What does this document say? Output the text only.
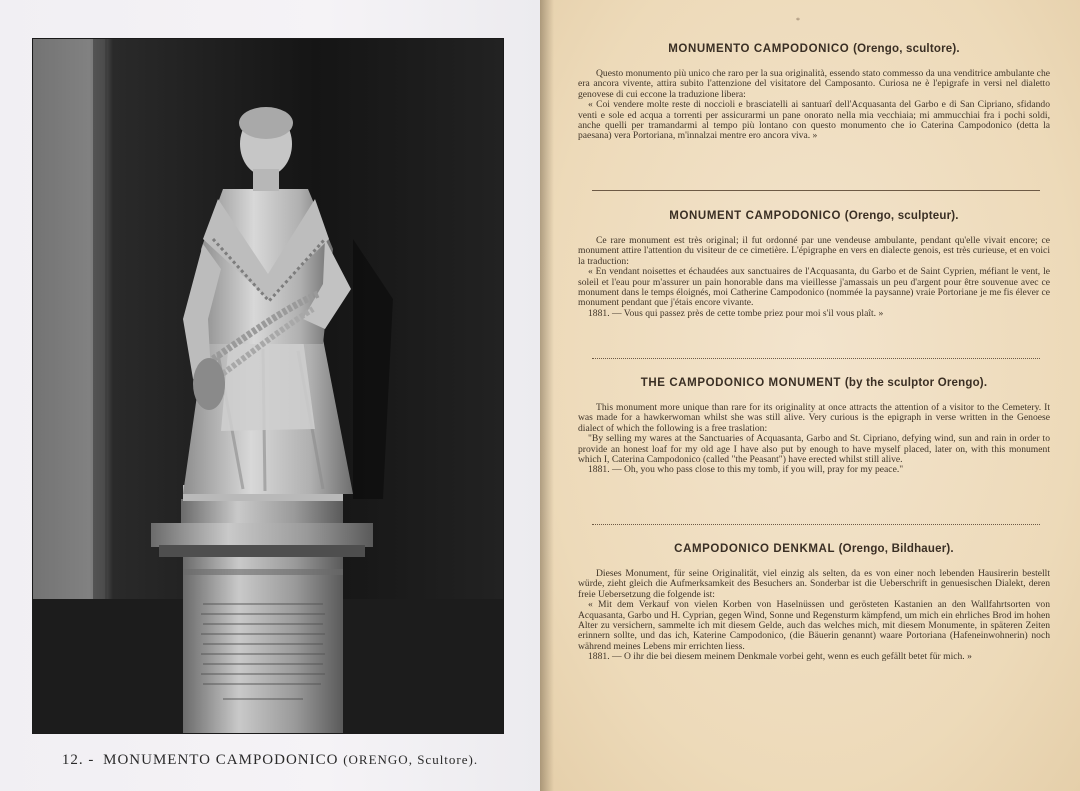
12. - MONUMENTO CAMPODONICO (ORENGO, Scultore).
*
MONUMENTO CAMPODONICO (Orengo, scultore).

Questo monumento più unico che raro per la sua originalità, essendo stato commesso da una venditrice ambulante che era ancora vivente, attira subito l'attenzione del visitatore del Camposanto. Curiosa ne è l'epigrafe in versi nel dialetto genovese di cui eccone la traduzione libera:

« Coi vendere molte reste di noccioli e brasciatelli ai santuarî dell'Acquasanta del Garbo e di San Cipriano, sfidando venti e sole ed acqua a torrenti per assicurarmi un pane onorato nella mia vecchiaia; mi ammucchiai fra i pochi soldi, anche quelli per tramandarmi al tempo più lontano con questo monumento che io Caterina Campodonico (detta la paesana) vera Portoriana, m'innalzai mentre ero ancora viva. »

MONUMENT CAMPODONICO (Orengo, sculpteur).

Ce rare monument est très original; il fut ordonné par une vendeuse ambulante, pendant qu'elle vivait encore; ce monument attire l'attention du visiteur de ce cimetière. L'épigraphe en vers en dialecte genois, est très curieuse, et en voici la traduction:

« En vendant noisettes et échaudées aux sanctuaires de l'Acquasanta, du Garbo et de Saint Cyprien, méfiant le vent, le soleil et l'eau pour m'assurer un pain honorable dans ma vieillesse j'amassais un peu d'argent pour être souvenue avec ce monument dans le temps éloignés, moi Catherine Campodonico (nommée la paysanne) vraie Portoriane je me fis élever ce monument pendant que j'étais encore vivante.

1881. — Vous qui passez près de cette tombe priez pour moi s'il vous plaît. »

THE CAMPODONICO MONUMENT (by the sculptor Orengo).

This monument more unique than rare for its originality at once attracts the attention of a visitor to the Cemetery. It was made for a hawkerwoman whilst she was still alive. Very curious is the epigraph in verse written in the Genoese dialect of which the following is a free traslation:

"By selling my wares at the Sanctuaries of Acquasanta, Garbo and St. Cipriano, defying wind, sun and rain in order to provide an honest loaf for my old age I have also put by enough to have myself placed, later on, with this monument which I, Caterina Campodonico (called "the Peasant") have erected whilst still alive.

1881. — Oh, you who pass close to this my tomb, if you will, pray for my peace."

CAMPODONICO DENKMAL (Orengo, Bildhauer).

Dieses Monument, für seine Originalität, viel einzig als selten, da es von einer noch lebenden Hausirerin bestellt würde, zieht gleich die Aufmerksamkeit des Besuchers an. Sonderbar ist die Ueberschrift in genuesischen Dialekt, deren freie Uebersetzung die folgende ist:

« Mit dem Verkauf von vielen Korben von Haselnüssen und gerösteten Kastanien an den Wallfahrtsorten von Acquasanta, Garbo und H. Cyprian, gegen Wind, Sonne und Regensturm kämpfend, um mich ein ehrliches Brod im hohen Alter zu versichern, sammelte ich mit diesem Gelde, auch das welches mich, mit diesem Monumente, in späteren Zeiten erinnern sollte, und das ich, Katerine Campodonico, (die Bäuerin genannt) waare Portoriana (Hafeneinwohnerin) noch während meines Lebens mir errichten liess.

1881. — O ihr die bei diesem meinem Denkmale vorbei geht, wenn es euch gefällt betet für mich. »
